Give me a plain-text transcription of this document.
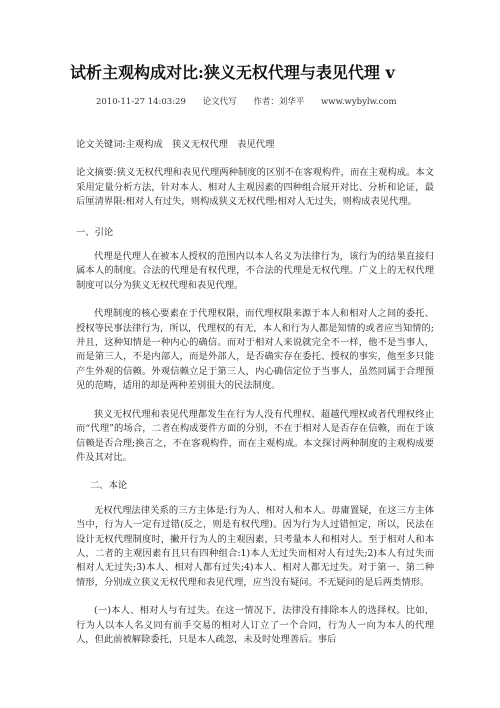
试析主观构成对比:狭义无权代理与表见代理 v
2010-11-27 14:03:29 论文代写 作者：刘华平 www.wybylw.com

论文关键词:主观构成　狭义无权代理　表见代理

论文摘要:狭义无权代理和表见代理两种制度的区别不在客观构件，而在主观构成。本文采用定量分析方法，针对本人、相对人主观因素的四种组合展开对比、分析和论证，最后厘清界限:相对人有过失，则构成狭义无权代理;相对人无过失，则构成表见代理。

一、引论

代理是代理人在被本人授权的范围内以本人名义为法律行为，该行为的结果直接归属本人的制度。合法的代理是有权代理，不合法的代理是无权代理。广义上的无权代理制度可以分为狭义无权代理和表见代理。

代理制度的核心要素在于代理权限，而代理权限来源于本人和相对人之间的委托、授权等民事法律行为，所以，代理权的有无，本人和行为人都是知情的或者应当知情的;并且，这种知情是一种内心的确信。而对于相对人来说就完全不一样，他不是当事人，而是第三人，不是内部人，而是外部人，是否确实存在委托、授权的事实，他至多只能产生外观的信赖。外观信赖立足于第三人，内心确信定位于当事人，虽然同属于合理预见的范畴，适用的却是两种差别很大的民法制度。

狭义无权代理和表见代理都发生在行为人没有代理权、超越代理权或者代理权终止而“代理”的场合，二者在构成要件方面的分别，不在于相对人是否存在信赖，而在于该信赖是否合理;换言之，不在客观构件，而在主观构成。本文探讨两种制度的主观构成要件及其对比。

二、本论

无权代理法律关系的三方主体是:行为人、相对人和本人。毋庸置疑，在这三方主体当中，行为人一定有过错(反之，则是有权代理)。因为行为人过错恒定，所以，民法在设计无权代理制度时，撇开行为人的主观因素，只考量本人和相对人。至于相对人和本人，二者的主观因素有且只有四种组合:1)本人无过失而相对人有过失;2)本人有过失而相对人无过失;3)本人、相对人都有过失;4)本人、相对人都无过失。对于第一、第二种情形，分别成立狭义无权代理和表见代理，应当没有疑问。不无疑问的是后两类情形。

(一)本人、相对人与有过失。在这一情况下，法律没有排除本人的选择权。比如，行为人以本人名义同有前手交易的相对人订立了一个合同，行为人一向为本人的代理人，但此前被解除委托，只是本人疏忽，未及时处理善后。事后
